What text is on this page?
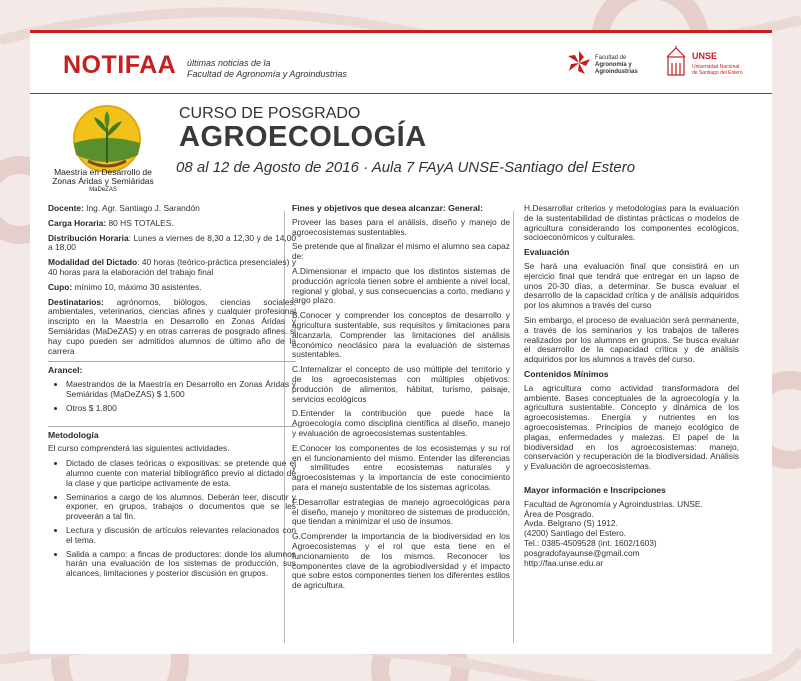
NOTIFAA últimas noticias de la
Facultad de Agronomía y Agroindustrias
Facultad de
Agronomía y
Agroindustrias
UNSE
Universidad Nacional
de Santiago del Estero
Maestría en Desarrollo de
Zonas Áridas y Semiáridas
MaDeZAS
CURSO DE POSGRADO
AGROECOLOGÍA
08 al 12 de Agosto de 2016 · Aula 7 FAyA UNSE-Santiago del Estero

Docente: Ing. Agr. Santiago J. Sarandón

Carga Horaria: 80 HS TOTALES.

Distribución Horaria: Lunes a viernes de 8,30 a 12,30 y de 14,00 a 18,00

Modalidad del Dictado: 40 horas (teórico-práctica presenciales) y 40 horas para la elaboración del trabajo final

Cupo: mínimo 10, máximo 30 asistentes.

Destinatarios: agrónomos, biólogos, ciencias sociales, ambientales, veterinarios, ciencias afines y cualquier profesional inscripto en la Maestría en Desarrollo en Zonas Áridas y Semiáridas (MaDeZAS) y en otras carreras de posgrado afines. si hay cupo pueden ser admitidos alumnos de último año de la carrera

Arancel:
• Maestrandos de la Maestría en Desarrollo en Zonas Áridas y Semiáridas (MaDeZAS) $ 1.500
• Otros $ 1.800
Metodología

El curso comprenderá las siguientes actividades.

• Dictado de clases teóricas o expositivas: se pretende que el alumno cuente con material bibliográfico previo al dictado de la clase y que participe activamente de esta.
• Seminarios a cargo de los alumnos. Deberán leer, discutir y exponer, en grupos, trabajos o documentos que se les proveerán a tal fin.
• Lectura y discusión de artículos relevantes relacionados con el tema.
• Salida a campo: a fincas de productores: donde los alumnos harán una evaluación de los sistemas de producción, sus alcances, limitaciones y posterior discusión en grupos.
Fines y objetivos que desea alcanzar: General:

Proveer las bases para el análisis, diseño y manejo de agroecosistemas sustentables.

Se pretende que al finalizar el mismo el alumno sea capaz de:

A.Dimensionar el impacto que los distintos sistemas de producción agrícola tienen sobre el ambiente a nivel local, regional y global, y sus consecuencias a corto, mediano y largo plazo.

B.Conocer y comprender los conceptos de desarrollo y agricultura sustentable, sus requisitos y limitaciones para alcanzarla. Comprender las limitaciones del análisis económico neoclásico para la evaluación de sistemas sustentables.

C.Internalizar el concepto de uso múltiple del territorio y de los agroecosistemas con múltiples objetivos: producción de alimentos, hábitat, turismo, paisaje, servicios ecológicos

D.Entender la contribución que puede hace la Agroecología como disciplina científica al diseño, manejo y evaluación de agroecosistemas sustentables.

E.Conocer los componentes de los ecosistemas y su rol en el funcionamiento del mismo. Entender las diferencias y similitudes entre ecosistemas naturales y agroecosistemas y la importancia de este conocimiento para el manejo sustentable de los sistemas agrícolas.

F.Desarrollar estrategias de manejo agroecológicas para el diseño, manejo y monitoreo de sistemas de producción, que tiendan a minimizar el uso de insumos.

G.Comprender la importancia de la biodiversidad en los Agroecosistemas y el rol que esta tiene en el funcionamiento de los mismos. Reconocer los componentes clave de la agrobiodiversidad y el impacto que sobre estos componentes tienen los diferentes estilos de agricultura.

H.Desarrollar criterios y metodologías para la evaluación de la sustentabilidad de distintas prácticas o modelos de agricultura considerando los componentes ecológicos, socioeconómicos y culturales.

Evaluación

Se hará una evaluación final que consistirá en un ejercicio final que tendrá que entregar en un lapso de unos 20-30 días, a determinar. Se busca evaluar el desarrollo de la capacidad crítica y de análisis adquiridos por los alumnos a través del curso

Sin embargo, el proceso de evaluación será permanente, a través de los seminarios y los trabajos de talleres realizados por los alumnos en grupos. Se busca evaluar el desarrollo de la capacidad crítica y de análisis adquiridos por los alumnos a través del curso.

Contenidos Mínimos

La agricultura como actividad transformadora del ambiente. Bases conceptuales de la agroecología y la agricultura sustentable. Concepto y dinámica de los agroecosistemas. Energía y nutrientes en los agroecosistemas. Principios de manejo ecológico de plagas, enfermedades y malezas. El papel de la biodiversidad en los agroecosistemas: manejo, conservación y recuperación de la biodiversidad. Análisis y Evaluación de agroecosistemas.

Mayor información e Inscripciones
Facultad de Agronomía y Agroindustrias. UNSE.
Área de Posgrado.
Avda. Belgrano (S) 1912.
(4200) Santiago del Estero.
Tel.: 0385-4509528 (int. 1602/1603)
posgradofayaunse@gmail.com
http://faa.unse.edu.ar
